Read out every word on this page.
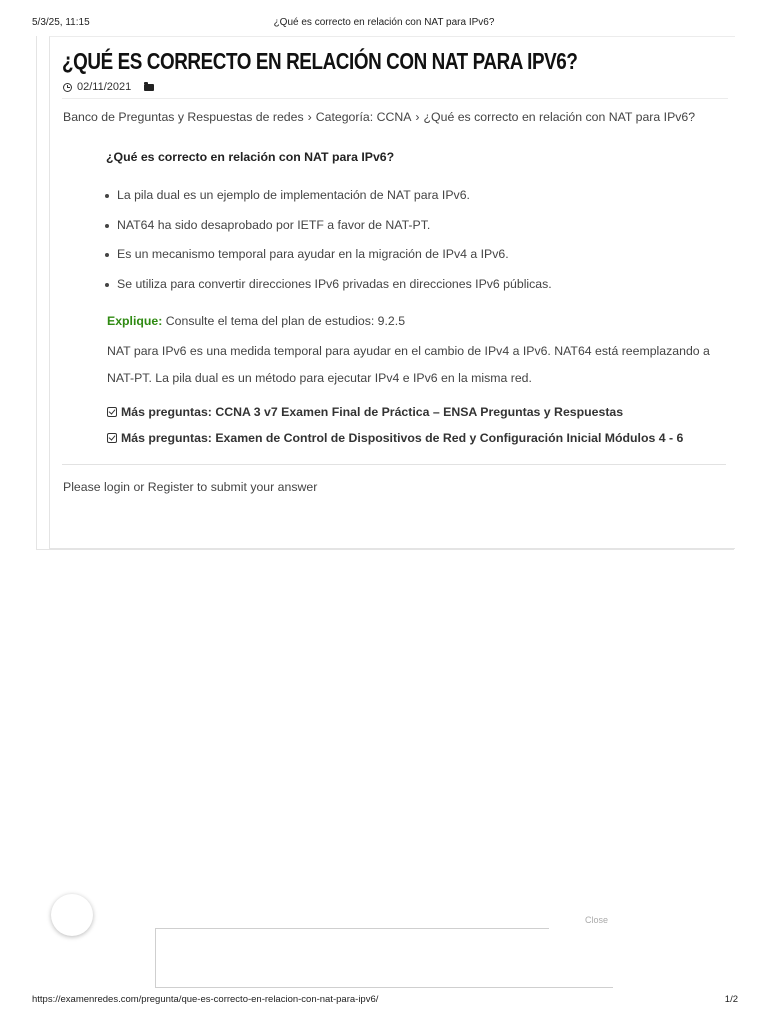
5/3/25, 11:15	¿Qué es correcto en relación con NAT para IPv6?
¿QUÉ ES CORRECTO EN RELACIÓN CON NAT PARA IPV6?
02/11/2021
Banco de Preguntas y Respuestas de redes › Categoría: CCNA › ¿Qué es correcto en relación con NAT para IPv6?

¿Qué es correcto en relación con NAT para IPv6?

La pila dual es un ejemplo de implementación de NAT para IPv6.
NAT64 ha sido desaprobado por IETF a favor de NAT-PT.
Es un mecanismo temporal para ayudar en la migración de IPv4 a IPv6.
Se utiliza para convertir direcciones IPv6 privadas en direcciones IPv6 públicas.

Explique: Consulte el tema del plan de estudios: 9.2.5

NAT para IPv6 es una medida temporal para ayudar en el cambio de IPv4 a IPv6. NAT64 está reemplazando a NAT-PT. La pila dual es un método para ejecutar IPv4 e IPv6 en la misma red.

Más preguntas: CCNA 3 v7 Examen Final de Práctica – ENSA Preguntas y Respuestas

Más preguntas: Examen de Control de Dispositivos de Red y Configuración Inicial Módulos 4 - 6

Please login or Register to submit your answer

Close
https://examenredes.com/pregunta/que-es-correcto-en-relacion-con-nat-para-ipv6/	1/2
